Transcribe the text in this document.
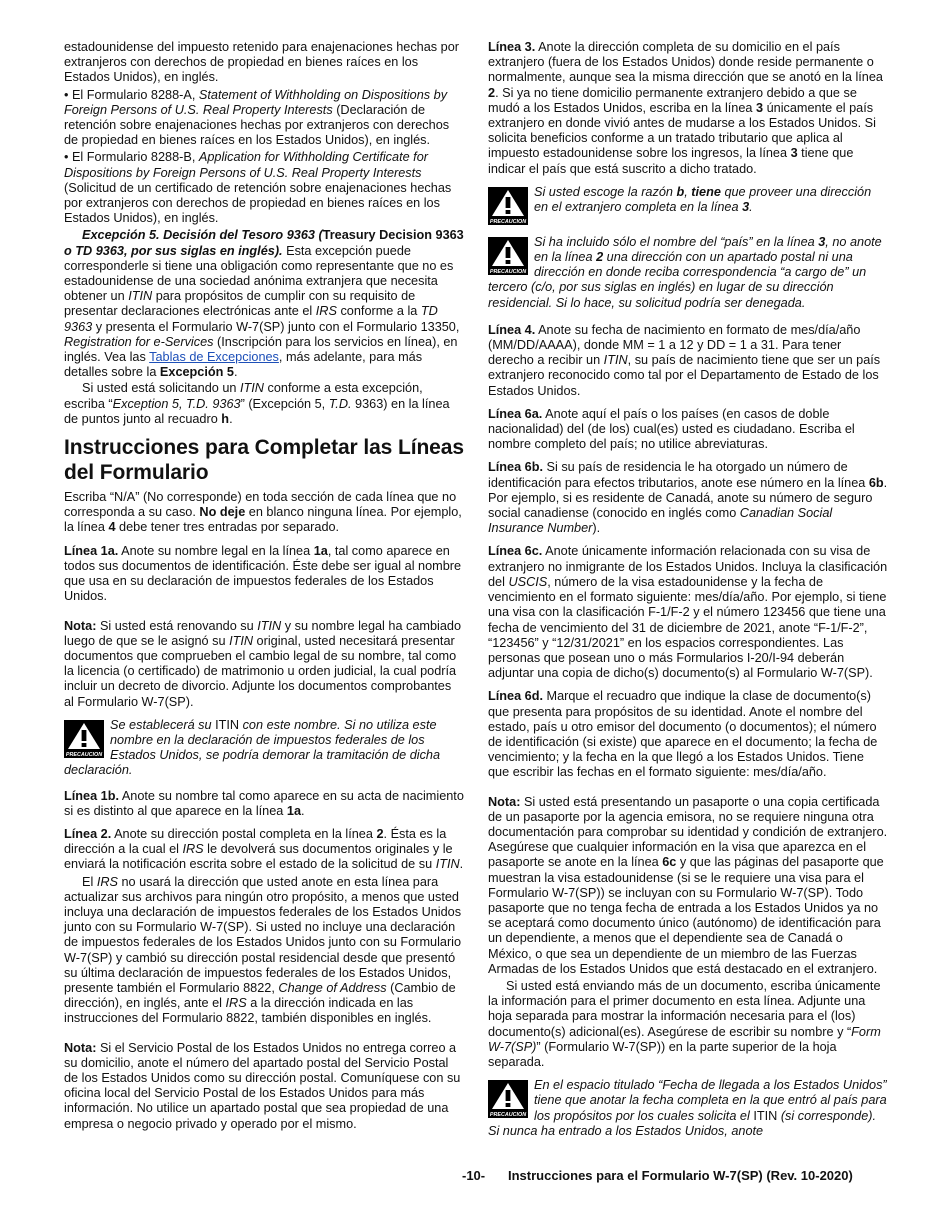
estadounidense del impuesto retenido para enajenaciones hechas por extranjeros con derechos de propiedad en bienes raíces en los Estados Unidos), en inglés.

• El Formulario 8288-A, Statement of Withholding on Dispositions by Foreign Persons of U.S. Real Property Interests (Declaración de retención sobre enajenaciones hechas por extranjeros con derechos de propiedad en bienes raíces en los Estados Unidos), en inglés.

• El Formulario 8288-B, Application for Withholding Certificate for Dispositions by Foreign Persons of U.S. Real Property Interests (Solicitud de un certificado de retención sobre enajenaciones hechas por extranjeros con derechos de propiedad en bienes raíces en los Estados Unidos), en inglés.

Excepción 5. Decisión del Tesoro 9363 (Treasury Decision 9363 o TD 9363, por sus siglas en inglés). Esta excepción puede corresponderle si tiene una obligación como representante que no es estadounidense de una sociedad anónima extranjera que necesita obtener un ITIN para propósitos de cumplir con su requisito de presentar declaraciones electrónicas ante el IRS conforme a la TD 9363 y presenta el Formulario W-7(SP) junto con el Formulario 13350, Registration for e-Services (Inscripción para los servicios en línea), en inglés. Vea las Tablas de Excepciones, más adelante, para más detalles sobre la Excepción 5.

Si usted está solicitando un ITIN conforme a esta excepción, escriba “Exception 5, T.D. 9363” (Excepción 5, T.D. 9363) en la línea de puntos junto al recuadro h.

Instrucciones para Completar las Líneas del Formulario

Escriba “N/A” (No corresponde) en toda sección de cada línea que no corresponda a su caso. No deje en blanco ninguna línea. Por ejemplo, la línea 4 debe tener tres entradas por separado.

Línea 1a. Anote su nombre legal en la línea 1a, tal como aparece en todos sus documentos de identificación. Éste debe ser igual al nombre que usa en su declaración de impuestos federales de los Estados Unidos.

Nota: Si usted está renovando su ITIN y su nombre legal ha cambiado luego de que se le asignó su ITIN original, usted necesitará presentar documentos que comprueben el cambio legal de su nombre, tal como la licencia (o certificado) de matrimonio u orden judicial, la cual podría incluir un decreto de divorcio. Adjunte los documentos comprobantes al Formulario W-7(SP).

PRECAUCION
Se establecerá su ITIN con este nombre. Si no utiliza este nombre en la declaración de impuestos federales de los Estados Unidos, se podría demorar la tramitación de dicha declaración.

Línea 1b. Anote su nombre tal como aparece en su acta de nacimiento si es distinto al que aparece en la línea 1a.

Línea 2. Anote su dirección postal completa en la línea 2. Ésta es la dirección a la cual el IRS le devolverá sus documentos originales y le enviará la notificación escrita sobre el estado de la solicitud de su ITIN.

El IRS no usará la dirección que usted anote en esta línea para actualizar sus archivos para ningún otro propósito, a menos que usted incluya una declaración de impuestos federales de los Estados Unidos junto con su Formulario W-7(SP). Si usted no incluye una declaración de impuestos federales de los Estados Unidos junto con su Formulario W-7(SP) y cambió su dirección postal residencial desde que presentó su última declaración de impuestos federales de los Estados Unidos, presente también el Formulario 8822, Change of Address (Cambio de dirección), en inglés, ante el IRS a la dirección indicada en las instrucciones del Formulario 8822, también disponibles en inglés.

Nota: Si el Servicio Postal de los Estados Unidos no entrega correo a su domicilio, anote el número del apartado postal del Servicio Postal de los Estados Unidos como su dirección postal. Comuníquese con su oficina local del Servicio Postal de los Estados Unidos para más información. No utilice un apartado postal que sea propiedad de una empresa o negocio privado y operado por el mismo.

Línea 3. Anote la dirección completa de su domicilio en el país extranjero (fuera de los Estados Unidos) donde reside permanente o normalmente, aunque sea la misma dirección que se anotó en la línea 2. Si ya no tiene domicilio permanente extranjero debido a que se mudó a los Estados Unidos, escriba en la línea 3 únicamente el país extranjero en donde vivió antes de mudarse a los Estados Unidos. Si solicita beneficios conforme a un tratado tributario que aplica al impuesto estadounidense sobre los ingresos, la línea 3 tiene que indicar el país que está suscrito a dicho tratado.

PRECAUCION
Si usted escoge la razón b, tiene que proveer una dirección en el extranjero completa en la línea 3.
PRECAUCION
Si ha incluido sólo el nombre del “país” en la línea 3, no anote en la línea 2 una dirección con un apartado postal ni una dirección en donde reciba correspondencia “a cargo de” un tercero (c/o, por sus siglas en inglés) en lugar de su dirección residencial. Si lo hace, su solicitud podría ser denegada.

Línea 4. Anote su fecha de nacimiento en formato de mes/día/año (MM/DD/AAAA), donde MM = 1 a 12 y DD = 1 a 31. Para tener derecho a recibir un ITIN, su país de nacimiento tiene que ser un país extranjero reconocido como tal por el Departamento de Estado de los Estados Unidos.

Línea 6a. Anote aquí el país o los países (en casos de doble nacionalidad) del (de los) cual(es) usted es ciudadano. Escriba el nombre completo del país; no utilice abreviaturas.

Línea 6b. Si su país de residencia le ha otorgado un número de identificación para efectos tributarios, anote ese número en la línea 6b. Por ejemplo, si es residente de Canadá, anote su número de seguro social canadiense (conocido en inglés como Canadian Social Insurance Number).

Línea 6c. Anote únicamente información relacionada con su visa de extranjero no inmigrante de los Estados Unidos. Incluya la clasificación del USCIS, número de la visa estadounidense y la fecha de vencimiento en el formato siguiente: mes/día/año. Por ejemplo, si tiene una visa con la clasificación F-1/F-2 y el número 123456 que tiene una fecha de vencimiento del 31 de diciembre de 2021, anote “F-1/F-2”, “123456” y “12/31/2021” en los espacios correspondientes. Las personas que posean uno o más Formularios I-20/I-94 deberán adjuntar una copia de dicho(s) documento(s) al Formulario W-7(SP).

Línea 6d. Marque el recuadro que indique la clase de documento(s) que presenta para propósitos de su identidad. Anote el nombre del estado, país u otro emisor del documento (o documentos); el número de identificación (si existe) que aparece en el documento; la fecha de vencimiento; y la fecha en la que llegó a los Estados Unidos. Tiene que escribir las fechas en el formato siguiente: mes/día/año.

Nota: Si usted está presentando un pasaporte o una copia certificada de un pasaporte por la agencia emisora, no se requiere ninguna otra documentación para comprobar su identidad y condición de extranjero. Asegúrese que cualquier información en la visa que aparezca en el pasaporte se anote en la línea 6c y que las páginas del pasaporte que muestran la visa estadounidense (si se le requiere una visa para el Formulario W-7(SP)) se incluyan con su Formulario W-7(SP). Todo pasaporte que no tenga fecha de entrada a los Estados Unidos ya no se aceptará como documento único (autónomo) de identificación para un dependiente, a menos que el dependiente sea de Canadá o México, o que sea un dependiente de un miembro de las Fuerzas Armadas de los Estados Unidos que está destacado en el extranjero.

Si usted está enviando más de un documento, escriba únicamente la información para el primer documento en esta línea. Adjunte una hoja separada para mostrar la información necesaria para el (los) documento(s) adicional(es). Asegúrese de escribir su nombre y “Form W-7(SP)” (Formulario W-7(SP)) en la parte superior de la hoja separada.

PRECAUCION
En el espacio titulado “Fecha de llegada a los Estados Unidos” tiene que anotar la fecha completa en la que entró al país para los propósitos por los cuales solicita el ITIN (si corresponde). Si nunca ha entrado a los Estados Unidos, anote
-10- Instrucciones para el Formulario W-7(SP) (Rev. 10-2020)
